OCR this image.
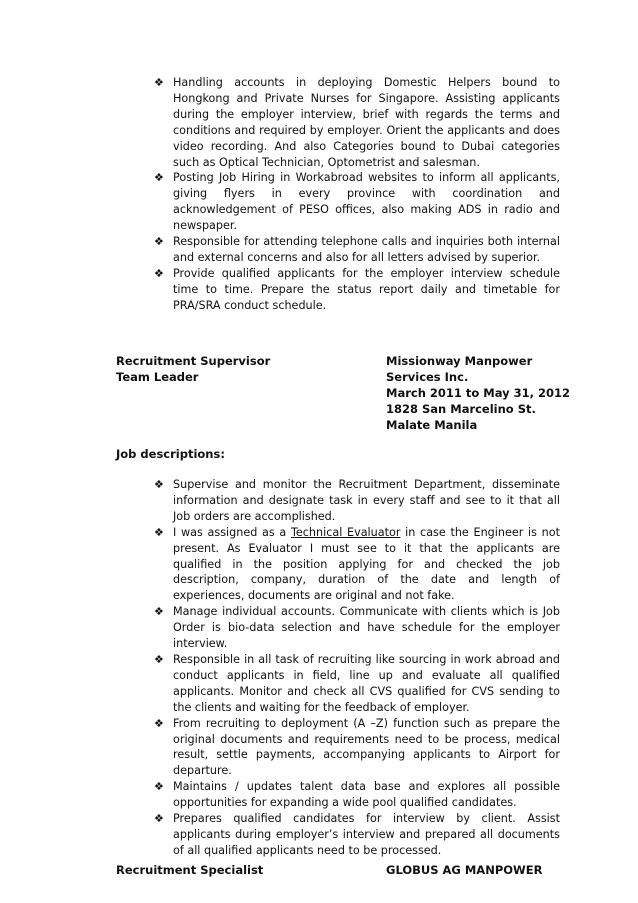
❖ Handling accounts in deploying Domestic Helpers bound to Hongkong and Private Nurses for Singapore. Assisting applicants during the employer interview, brief with regards the terms and conditions and required by employer. Orient the applicants and does video recording. And also Categories bound to Dubai categories such as Optical Technician, Optometrist and salesman.
❖ Posting Job Hiring in Workabroad websites to inform all applicants, giving flyers in every province with coordination and acknowledgement of PESO offices, also making ADS in radio and newspaper.
❖ Responsible for attending telephone calls and inquiries both internal and external concerns and also for all letters advised by superior.
❖ Provide qualified applicants for the employer interview schedule time to time. Prepare the status report daily and timetable for PRA/SRA conduct schedule.
Recruitment Supervisor
Team Leader
Missionway Manpower
Services Inc.
March 2011 to May 31, 2012
1828 San Marcelino St.
Malate Manila
Job descriptions:
❖ Supervise and monitor the Recruitment Department, disseminate information and designate task in every staff and see to it that all Job orders are accomplished.
❖ I was assigned as a Technical Evaluator in case the Engineer is not present. As Evaluator I must see to it that the applicants are qualified in the position applying for and checked the job description, company, duration of the date and length of experiences, documents are original and not fake.
❖ Manage individual accounts. Communicate with clients which is Job Order is bio-data selection and have schedule for the employer interview.
❖ Responsible in all task of recruiting like sourcing in work abroad and conduct applicants in field, line up and evaluate all qualified applicants. Monitor and check all CVS qualified for CVS sending to the clients and waiting for the feedback of employer.
❖ From recruiting to deployment (A –Z) function such as prepare the original documents and requirements need to be process, medical result, settle payments, accompanying applicants to Airport for departure.
❖ Maintains / updates talent data base and explores all possible opportunities for expanding a wide pool qualified candidates.
❖ Prepares qualified candidates for interview by client. Assist applicants during employer’s interview and prepared all documents of all qualified applicants need to be processed.
Recruitment Specialist	GLOBUS AG MANPOWER
